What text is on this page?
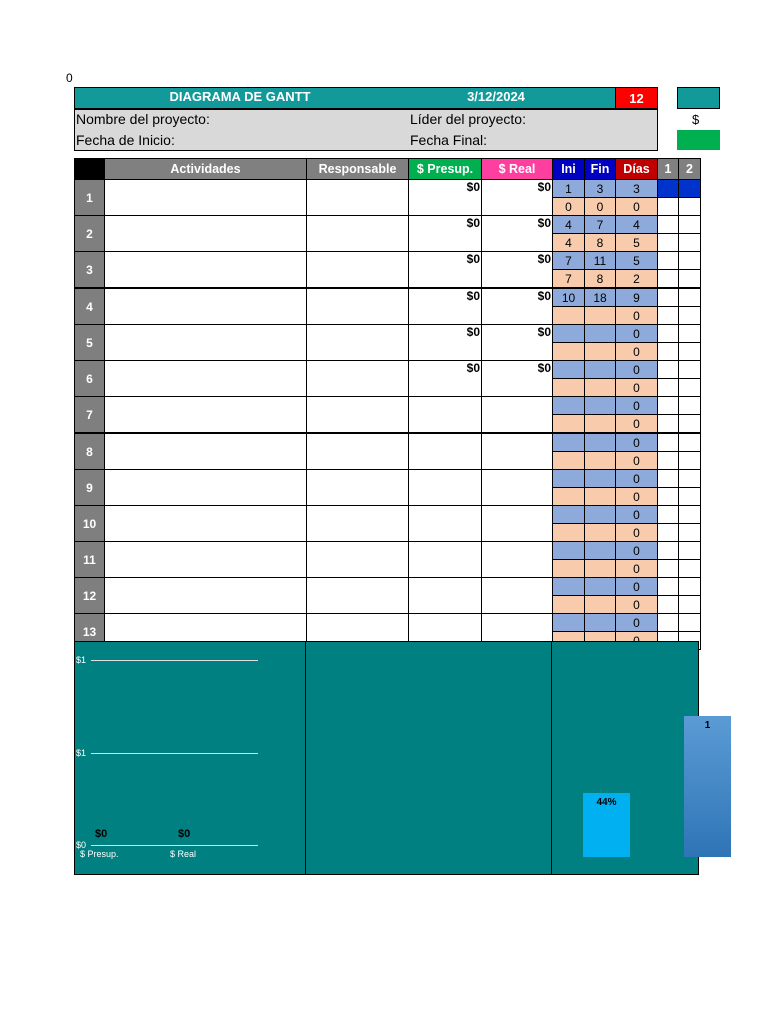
0
DIAGRAMA DE GANTT	3/12/2024	12
Nombre del proyecto:	Líder del proyecto:
Fecha de Inicio:	Fecha Final:
$
	Actividades	Responsable	$ Presup.	$ Real	Ini	Fin	Días	1	2
1			$0	$0	1	3	3		
					0	0	0		
2			$0	$0	4	7	4		
					4	8	5		
3			$0	$0	7	11	5		
					7	8	2		
4			$0	$0	10	18	9		
							0		
5			$0	$0			0		
							0		
6			$0	$0			0		
							0		
7							0		
							0		
8							0		
							0		
9							0		
							0		
10							0		
							0		
11							0		
							0		
12							0		
							0		
13							0		

$1
$1
$0
$0	$0
$ Presup.	$ Real
44%
1
